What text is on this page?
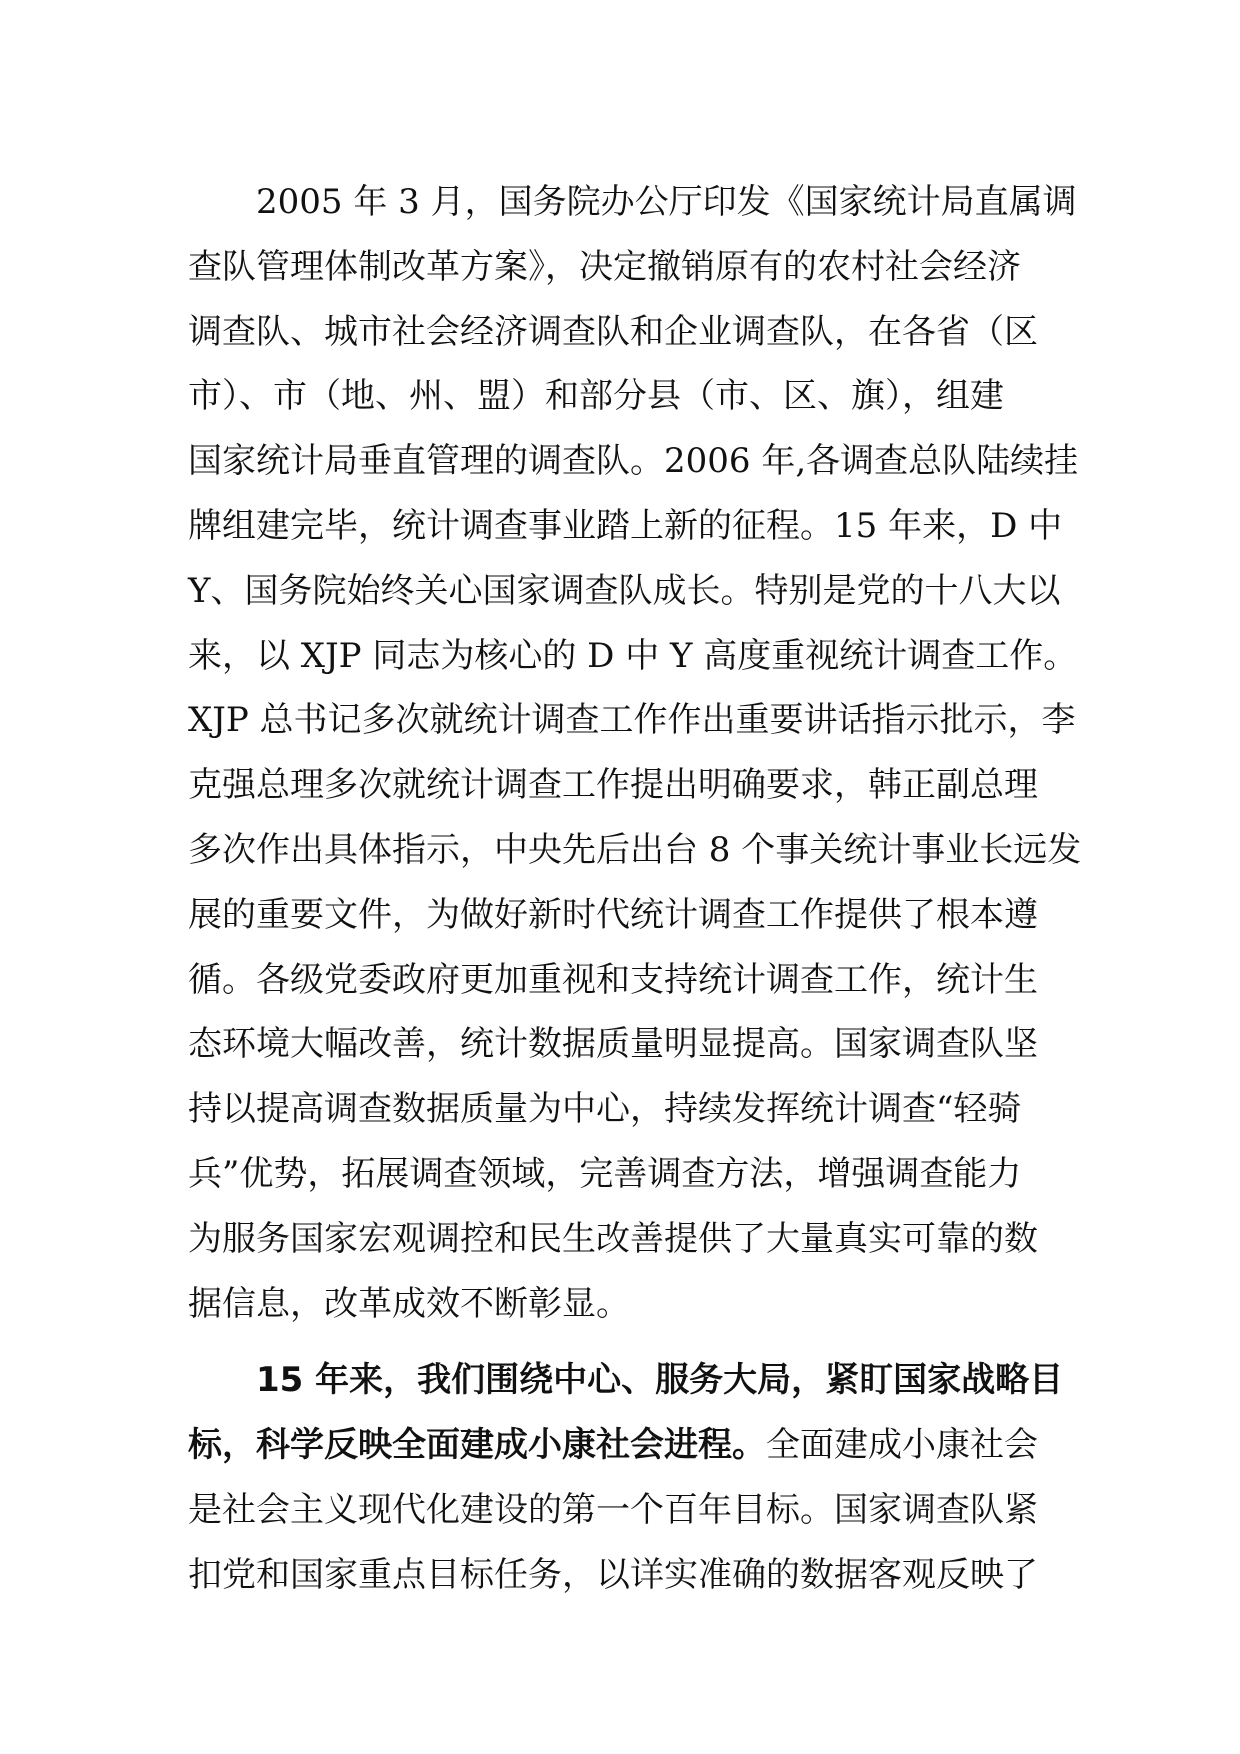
2005 年 3 月，国务院办公厅印发《国家统计局直属调
查队管理体制改革方案》，决定撤销原有的农村社会经济
调查队、城市社会经济调查队和企业调查队，在各省（区
市）、市（地、州、盟）和部分县（市、区、旗），组建
国家统计局垂直管理的调查队。2006 年,各调查总队陆续挂
牌组建完毕，统计调查事业踏上新的征程。15 年来，D 中
Y、国务院始终关心国家调查队成长。特别是党的十八大以
来，以 XJP 同志为核心的 D 中 Y 高度重视统计调查工作。
XJP 总书记多次就统计调查工作作出重要讲话指示批示，李
克强总理多次就统计调查工作提出明确要求，韩正副总理
多次作出具体指示，中央先后出台 8 个事关统计事业长远发
展的重要文件，为做好新时代统计调查工作提供了根本遵
循。各级党委政府更加重视和支持统计调查工作，统计生
态环境大幅改善，统计数据质量明显提高。国家调查队坚
持以提高调查数据质量为中心，持续发挥统计调查“轻骑
兵”优势，拓展调查领域，完善调查方法，增强调查能力
为服务国家宏观调控和民生改善提供了大量真实可靠的数
据信息，改革成效不断彰显。
15 年来，我们围绕中心、服务大局，紧盯国家战略目
标，科学反映全面建成小康社会进程。全面建成小康社会
是社会主义现代化建设的第一个百年目标。国家调查队紧
扣党和国家重点目标任务，以详实准确的数据客观反映了
